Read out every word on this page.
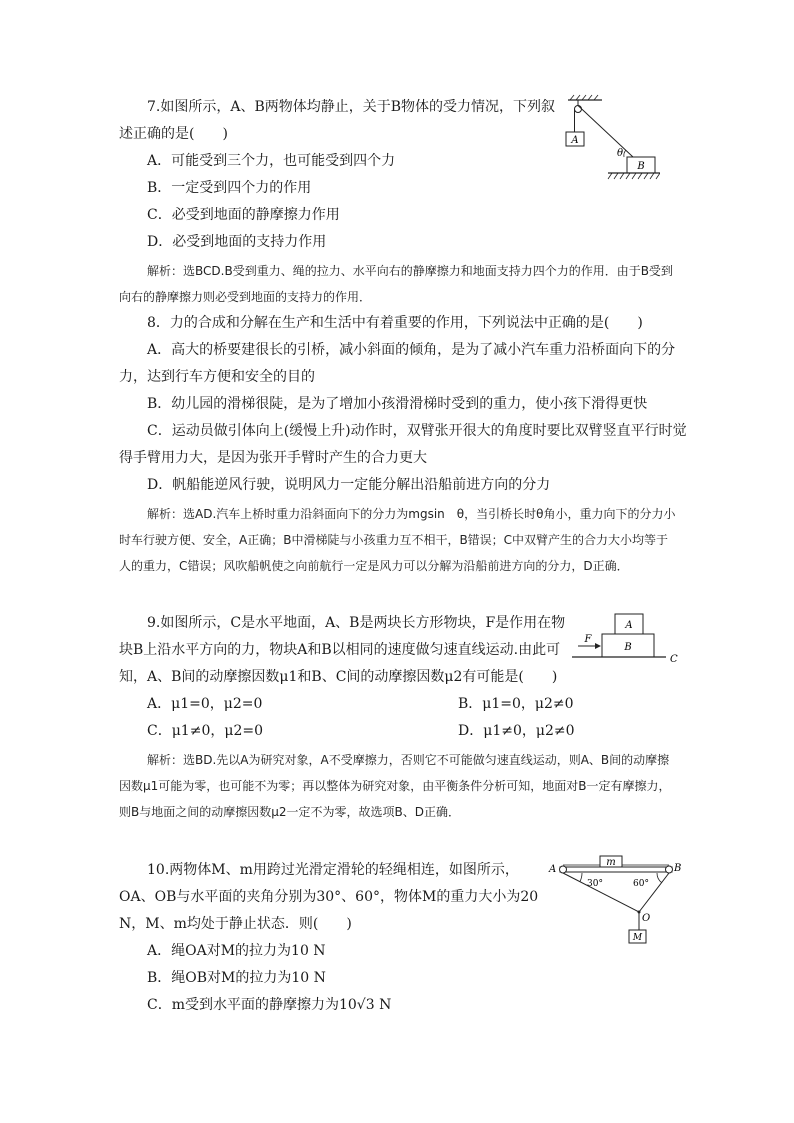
7.如图所示，A、B两物体均静止，关于B物体的受力情况，下列叙述正确的是(　　)

A．可能受到三个力，也可能受到四个力

B．一定受到四个力的作用

C．必受到地面的静摩擦力作用

D．必受到地面的支持力作用

解析：选BCD.B受到重力、绳的拉力、水平向右的静摩擦力和地面支持力四个力的作用．由于B受到向右的静摩擦力则必受到地面的支持力的作用．

A
B
θ

8．力的合成和分解在生产和生活中有着重要的作用，下列说法中正确的是(　　)

A．高大的桥要建很长的引桥，减小斜面的倾角，是为了减小汽车重力沿桥面向下的分力，达到行车方便和安全的目的

B．幼儿园的滑梯很陡，是为了增加小孩滑滑梯时受到的重力，使小孩下滑得更快

C．运动员做引体向上(缓慢上升)动作时，双臂张开很大的角度时要比双臂竖直平行时觉得手臂用力大，是因为张开手臂时产生的合力更大

D．帆船能逆风行驶，说明风力一定能分解出沿船前进方向的分力

解析：选AD.汽车上桥时重力沿斜面向下的分力为mgsin　θ，当引桥长时θ角小，重力向下的分力小时车行驶方便、安全，A正确；B中滑梯陡与小孩重力互不相干，B错误；C中双臂产生的合力大小均等于人的重力，C错误；风吹船帆使之向前航行一定是风力可以分解为沿船前进方向的分力，D正确．

9.如图所示，C是水平地面，A、B是两块长方形物块，F是作用在物块B上沿水平方向的力，物块A和B以相同的速度做匀速直线运动.由此可知，A、B间的动摩擦因数μ1和B、C间的动摩擦因数μ2有可能是(　　)

A．μ1=0，μ2=0	B．μ1=0，μ2≠0

C．μ1≠0，μ2=0	D．μ1≠0，μ2≠0

解析：选BD.先以A为研究对象，A不受摩擦力，否则它不可能做匀速直线运动，则A、B间的动摩擦因数μ1可能为零，也可能不为零；再以整体为研究对象，由平衡条件分析可知，地面对B一定有摩擦力，则B与地面之间的动摩擦因数μ2一定不为零，故选项B、D正确．

A
B
F
C

10.两物体M、m用跨过光滑定滑轮的轻绳相连，如图所示，OA、OB与水平面的夹角分别为30°、60°，物体M的重力大小为20 N，M、m均处于静止状态．则(　　)

A．绳OA对M的拉力为10 N

B．绳OB对M的拉力为10 N

C．m受到水平面的静摩擦力为10√3 N

A	B
m
30°	60°
O
M
